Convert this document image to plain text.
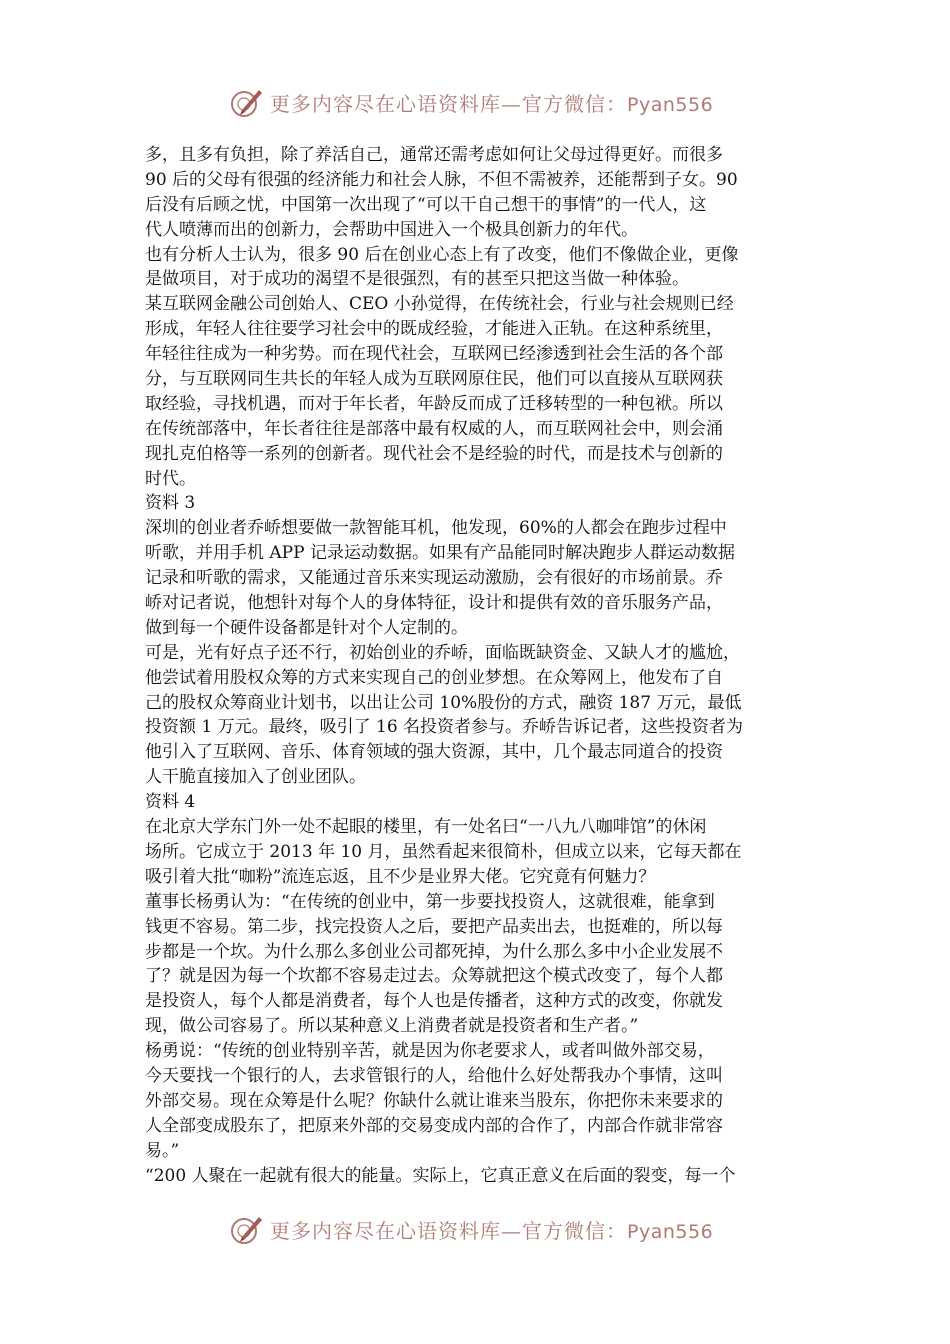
更多内容尽在心语资料库—官方微信：Pyan556
多，且多有负担，除了养活自己，通常还需考虑如何让父母过得更好。而很多
90 后的父母有很强的经济能力和社会人脉，不但不需被养，还能帮到子女。90
后没有后顾之忧，中国第一次出现了“可以干自己想干的事情”的一代人，这
代人喷薄而出的创新力，会帮助中国进入一个极具创新力的年代。
也有分析人士认为，很多 90 后在创业心态上有了改变，他们不像做企业，更像
是做项目，对于成功的渴望不是很强烈，有的甚至只把这当做一种体验。
某互联网金融公司创始人、CEO 小孙觉得，在传统社会，行业与社会规则已经
形成，年轻人往往要学习社会中的既成经验，才能进入正轨。在这种系统里，
年轻往往成为一种劣势。而在现代社会，互联网已经渗透到社会生活的各个部
分，与互联网同生共长的年轻人成为互联网原住民，他们可以直接从互联网获
取经验，寻找机遇，而对于年长者，年龄反而成了迁移转型的一种包袱。所以
在传统部落中，年长者往往是部落中最有权威的人，而互联网社会中，则会涌
现扎克伯格等一系列的创新者。现代社会不是经验的时代，而是技术与创新的
时代。
资料 3
深圳的创业者乔峤想要做一款智能耳机，他发现，60%的人都会在跑步过程中
听歌，并用手机 APP 记录运动数据。如果有产品能同时解决跑步人群运动数据
记录和听歌的需求，又能通过音乐来实现运动激励，会有很好的市场前景。乔
峤对记者说，他想针对每个人的身体特征，设计和提供有效的音乐服务产品，
做到每一个硬件设备都是针对个人定制的。
可是，光有好点子还不行，初始创业的乔峤，面临既缺资金、又缺人才的尴尬，
他尝试着用股权众筹的方式来实现自己的创业梦想。在众筹网上，他发布了自
己的股权众筹商业计划书，以出让公司 10%股份的方式，融资 187 万元，最低
投资额 1 万元。最终，吸引了 16 名投资者参与。乔峤告诉记者，这些投资者为
他引入了互联网、音乐、体育领域的强大资源，其中，几个最志同道合的投资
人干脆直接加入了创业团队。
资料 4
在北京大学东门外一处不起眼的楼里，有一处名曰“一八九八咖啡馆”的休闲
场所。它成立于 2013 年 10 月，虽然看起来很简朴，但成立以来，它每天都在
吸引着大批“咖粉”流连忘返，且不少是业界大佬。它究竟有何魅力？
董事长杨勇认为：“在传统的创业中，第一步要找投资人，这就很难，能拿到
钱更不容易。第二步，找完投资人之后，要把产品卖出去，也挺难的，所以每
步都是一个坎。为什么那么多创业公司都死掉，为什么那么多中小企业发展不
了？就是因为每一个坎都不容易走过去。众筹就把这个模式改变了，每个人都
是投资人，每个人都是消费者，每个人也是传播者，这种方式的改变，你就发
现，做公司容易了。所以某种意义上消费者就是投资者和生产者。”
杨勇说：“传统的创业特别辛苦，就是因为你老要求人，或者叫做外部交易，
今天要找一个银行的人，去求管银行的人，给他什么好处帮我办个事情，这叫
外部交易。现在众筹是什么呢？你缺什么就让谁来当股东，你把你未来要求的
人全部变成股东了，把原来外部的交易变成内部的合作了，内部合作就非常容
易。”
“200 人聚在一起就有很大的能量。实际上，它真正意义在后面的裂变，每一个
更多内容尽在心语资料库—官方微信：Pyan556
